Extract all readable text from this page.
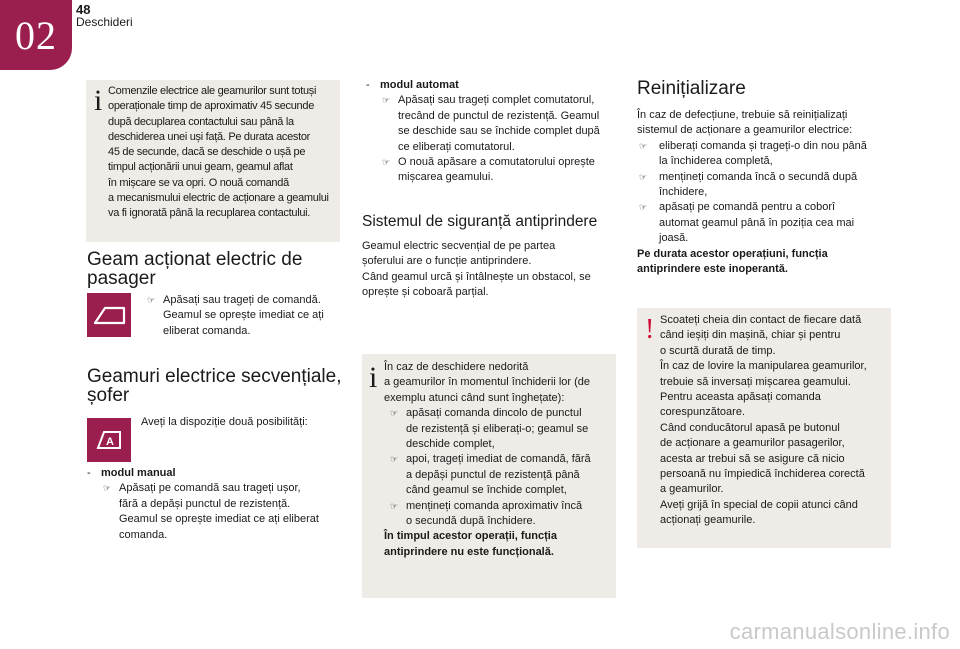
02
48
Deschideri
i Comenzile electrice ale geamurilor sunt totuși
operaționale timp de aproximativ 45 secunde
după decuplarea contactului sau până la
deschiderea unei uși față. Pe durata acestor
45 de secunde, dacă se deschide o ușă pe
timpul acționării unui geam, geamul aflat
în mișcare se va opri. O nouă comandă
a mecanismului electric de acționare a geamului
va fi ignorată până la recuplarea contactului.
Geam acționat electric de
pasager
☞ Apăsați sau trageți de comandă.
Geamul se oprește imediat ce ați
eliberat comanda.
Geamuri electrice secvențiale,
șofer
A
Aveți la dispoziție două posibilități:
- modul manual
☞ Apăsați pe comandă sau trageți ușor,
fără a depăși punctul de rezistență.
Geamul se oprește imediat ce ați eliberat
comanda.
- modul automat
☞ Apăsați sau trageți complet comutatorul,
trecând de punctul de rezistență. Geamul
se deschide sau se închide complet după
ce eliberați comutatorul.
☞ O nouă apăsare a comutatorului oprește
mișcarea geamului.
Sistemul de siguranță antiprindere
Geamul electric secvențial de pe partea
șoferului are o funcție antiprindere.
Când geamul urcă și întâlnește un obstacol, se
oprește și coboară parțial.
i În caz de deschidere nedorită
a geamurilor în momentul închiderii lor (de
exemplu atunci când sunt înghețate):
☞ apăsați comanda dincolo de punctul
de rezistență și eliberați-o; geamul se
deschide complet,
☞ apoi, trageți imediat de comandă, fără
a depăși punctul de rezistență până
când geamul se închide complet,
☞ mențineți comanda aproximativ încă
o secundă după închidere.
În timpul acestor operații, funcția
antiprindere nu este funcțională.
Reinițializare
În caz de defecțiune, trebuie să reinițializați
sistemul de acționare a geamurilor electrice:
☞	eliberați comanda și trageți-o din nou până
la închiderea completă,
☞	mențineți comanda încă o secundă după
închidere,
☞	apăsați pe comandă pentru a coborî
automat geamul până în poziția cea mai
joasă.
Pe durata acestor operațiuni, funcția
antiprindere este inoperantă.
! Scoateți cheia din contact de fiecare dată
când ieșiți din mașină, chiar și pentru
o scurtă durată de timp.
În caz de lovire la manipularea geamurilor,
trebuie să inversați mișcarea geamului.
Pentru aceasta apăsați comanda
corespunzătoare.
Când conducătorul apasă pe butonul
de acționare a geamurilor pasagerilor,
acesta ar trebui să se asigure că nicio
persoană nu împiedică închiderea corectă
a geamurilor.
Aveți grijă în special de copii atunci când
acționați geamurile.
carmanualsonline.info
